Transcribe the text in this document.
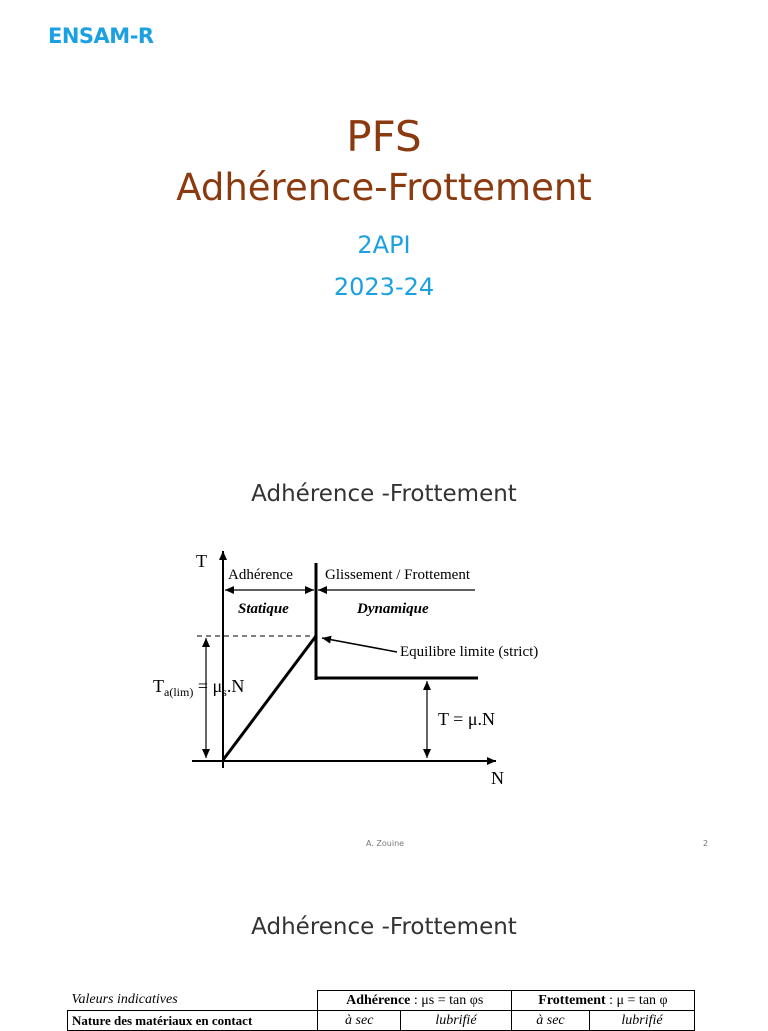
ENSAM-R
PFS
Adhérence-Frottement
2API
2023-24
Adhérence -Frottement
T
N
Adhérence Glissement / Frottement
Statique	Dynamique
Equilibre limite (strict)
$T_{a(lim)} = \mu_s.N$
T = μ.N
A. Zouine	2
Adhérence -Frottement
Valeurs indicatives	Adhérence : μs = tan φs		Frottement : μ = tan φ	
Nature des matériaux en contact	à sec	lubrifié	à sec	lubrifié
